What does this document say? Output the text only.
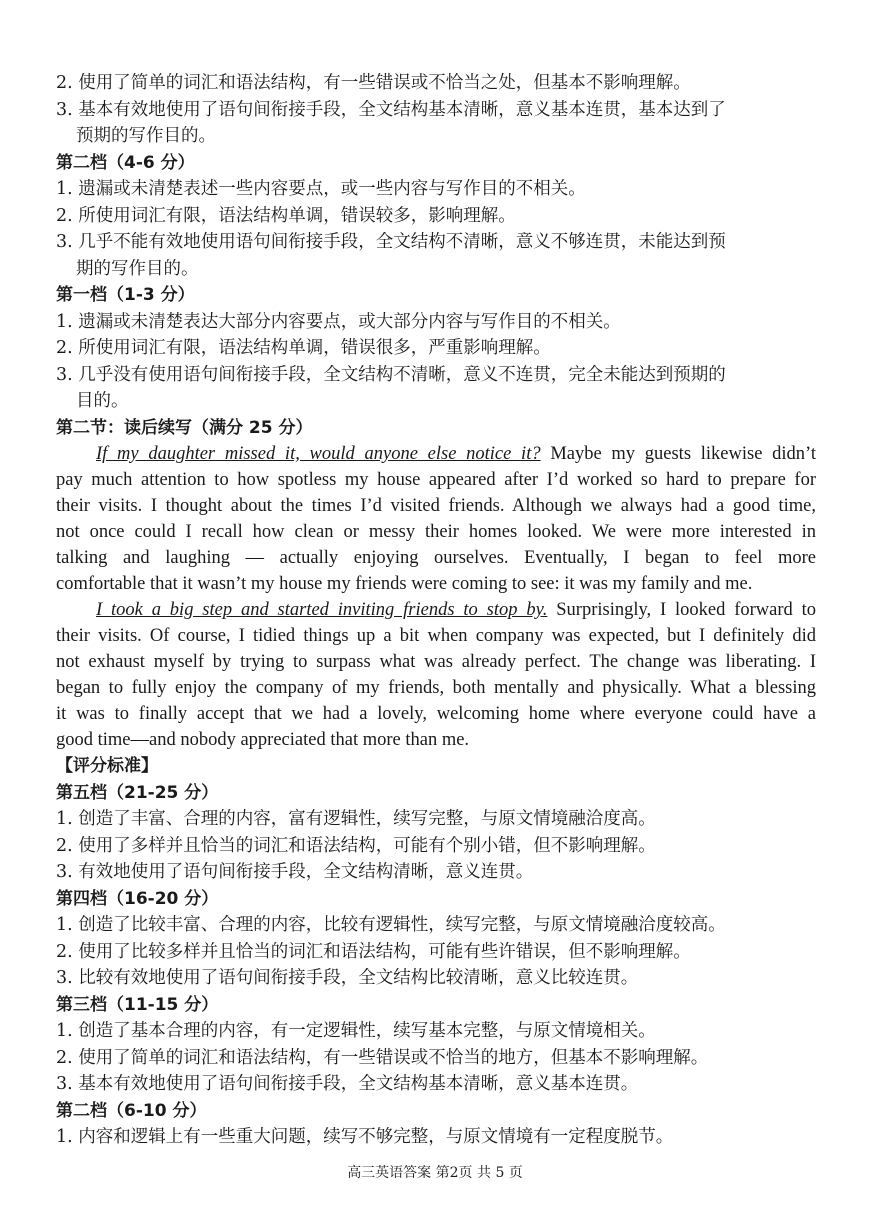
2. 使用了简单的词汇和语法结构，有一些错误或不恰当之处，但基本不影响理解。
3. 基本有效地使用了语句间衔接手段，全文结构基本清晰，意义基本连贯，基本达到了
预期的写作目的。
第二档（4-6 分）
1. 遗漏或未清楚表述一些内容要点，或一些内容与写作目的不相关。
2. 所使用词汇有限，语法结构单调，错误较多，影响理解。
3. 几乎不能有效地使用语句间衔接手段，全文结构不清晰，意义不够连贯，未能达到预
期的写作目的。
第一档（1-3 分）
1. 遗漏或未清楚表达大部分内容要点，或大部分内容与写作目的不相关。
2. 所使用词汇有限，语法结构单调，错误很多，严重影响理解。
3. 几乎没有使用语句间衔接手段，全文结构不清晰，意义不连贯，完全未能达到预期的
目的。
第二节：读后续写（满分 25 分）
If my daughter missed it, would anyone else notice it? Maybe my guests likewise didn’t
pay much attention to how spotless my house appeared after I’d worked so hard to prepare for
their visits. I thought about the times I’d visited friends. Although we always had a good time,
not once could I recall how clean or messy their homes looked. We were more interested in
talking and laughing — actually enjoying ourselves. Eventually, I began to feel more
comfortable that it wasn’t my house my friends were coming to see: it was my family and me.
I took a big step and started inviting friends to stop by. Surprisingly, I looked forward to
their visits. Of course, I tidied things up a bit when company was expected, but I definitely did
not exhaust myself by trying to surpass what was already perfect. The change was liberating. I
began to fully enjoy the company of my friends, both mentally and physically. What a blessing
it was to finally accept that we had a lovely, welcoming home where everyone could have a
good time—and nobody appreciated that more than me.
【评分标准】
第五档（21-25 分）
1. 创造了丰富、合理的内容，富有逻辑性，续写完整，与原文情境融洽度高。
2. 使用了多样并且恰当的词汇和语法结构，可能有个别小错，但不影响理解。
3. 有效地使用了语句间衔接手段，全文结构清晰，意义连贯。
第四档（16-20 分）
1. 创造了比较丰富、合理的内容，比较有逻辑性，续写完整，与原文情境融洽度较高。
2. 使用了比较多样并且恰当的词汇和语法结构，可能有些许错误，但不影响理解。
3. 比较有效地使用了语句间衔接手段，全文结构比较清晰，意义比较连贯。
第三档（11-15 分）
1. 创造了基本合理的内容，有一定逻辑性，续写基本完整，与原文情境相关。
2. 使用了简单的词汇和语法结构，有一些错误或不恰当的地方，但基本不影响理解。
3. 基本有效地使用了语句间衔接手段，全文结构基本清晰，意义基本连贯。
第二档（6-10 分）
1. 内容和逻辑上有一些重大问题，续写不够完整，与原文情境有一定程度脱节。
高三英语答案 第2页 共 5 页
